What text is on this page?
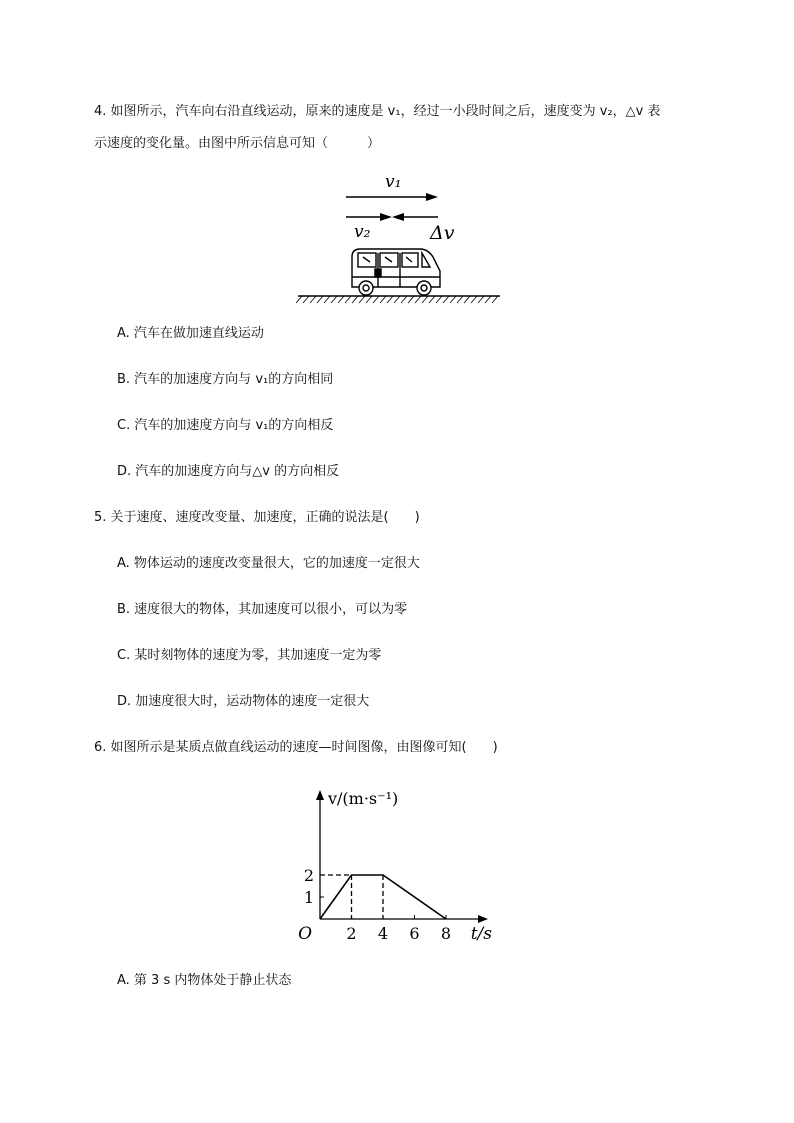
4. 如图所示，汽车向右沿直线运动，原来的速度是 v₁，经过一小段时间之后，速度变为 v₂，△v 表
示速度的变化量。由图中所示信息可知（　　　）
v₁
v₂	Δv
A. 汽车在做加速直线运动
B. 汽车的加速度方向与 v₁的方向相同
C. 汽车的加速度方向与 v₁的方向相反
D. 汽车的加速度方向与△v 的方向相反
5. 关于速度、速度改变量、加速度，正确的说法是(　　)
A. 物体运动的速度改变量很大，它的加速度一定很大
B. 速度很大的物体，其加速度可以很小，可以为零
C. 某时刻物体的速度为零，其加速度一定为零
D. 加速度很大时，运动物体的速度一定很大
6. 如图所示是某质点做直线运动的速度—时间图像，由图像可知(　　)
2 4 6 8
1
2
O	t/s
v/(m·s⁻¹)
A. 第 3 s 内物体处于静止状态
